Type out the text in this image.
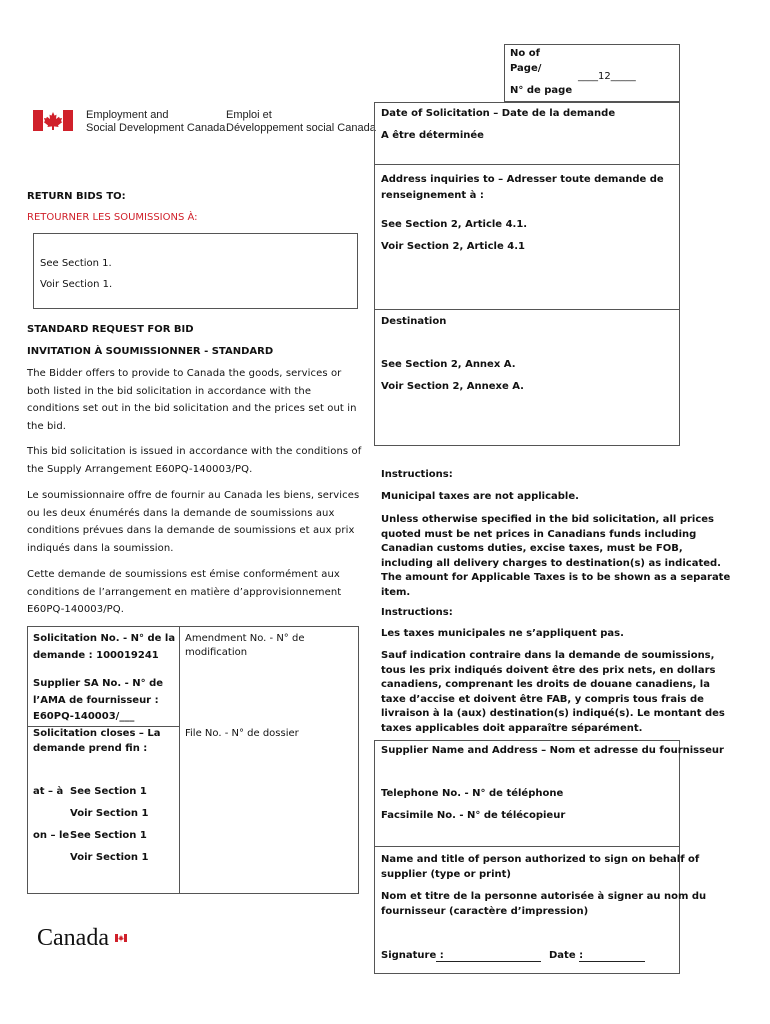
No of
Page/
____12_____
N° de page
Employment and
Social Development Canada
Emploi et
Développement social Canada
Date of Solicitation – Date de la demande
A être déterminée
Address inquiries to – Adresser toute demande de
renseignement à :
See Section 2, Article 4.1.
Voir Section 2, Article 4.1
Destination
See Section 2, Annex A.
Voir Section 2, Annexe A.
RETURN BIDS TO:
RETOURNER LES SOUMISSIONS À:
See Section 1.
Voir Section 1.
STANDARD REQUEST FOR BID
INVITATION À SOUMISSIONNER - STANDARD
The Bidder offers to provide to Canada the goods, services or
both listed in the bid solicitation in accordance with the
conditions set out in the bid solicitation and the prices set out in
the bid.
This bid solicitation is issued in accordance with the conditions of
the Supply Arrangement E60PQ-140003/PQ.
Le soumissionnaire offre de fournir au Canada les biens, services
ou les deux énumérés dans la demande de soumissions aux
conditions prévues dans la demande de soumissions et aux prix
indiqués dans la soumission.
Cette demande de soumissions est émise conformément aux
conditions de l’arrangement en matière d’approvisionnement
E60PQ-140003/PQ.
Instructions:
Municipal taxes are not applicable.
Unless otherwise specified in the bid solicitation, all prices
quoted must be net prices in Canadians funds including
Canadian customs duties, excise taxes, must be FOB,
including all delivery charges to destination(s) as indicated.
The amount for Applicable Taxes is to be shown as a separate
item.
Instructions:
Les taxes municipales ne s’appliquent pas.
Sauf indication contraire dans la demande de soumissions,
tous les prix indiqués doivent être des prix nets, en dollars
canadiens, comprenant les droits de douane canadiens, la
taxe d’accise et doivent être FAB, y compris tous frais de
livraison à la (aux) destination(s) indiqué(s). Le montant des
taxes applicables doit apparaître séparément.
Solicitation No. - N° de la
demande : 100019241
Amendment No. - N° de
modification
Supplier SA No. - N° de
l’AMA de fournisseur :
E60PQ-140003/___
Solicitation closes – La
demande prend fin :
File No. - N° de dossier
at – à See Section 1
Voir Section 1
on – le See Section 1
Voir Section 1
Supplier Name and Address – Nom et adresse du fournisseur
Telephone No. - N° de téléphone
Facsimile No. - N° de télécopieur
Name and title of person authorized to sign on behalf of
supplier (type or print)
Nom et titre de la personne autorisée à signer au nom du
fournisseur (caractère d’impression)
Signature :	Date :
Canada
